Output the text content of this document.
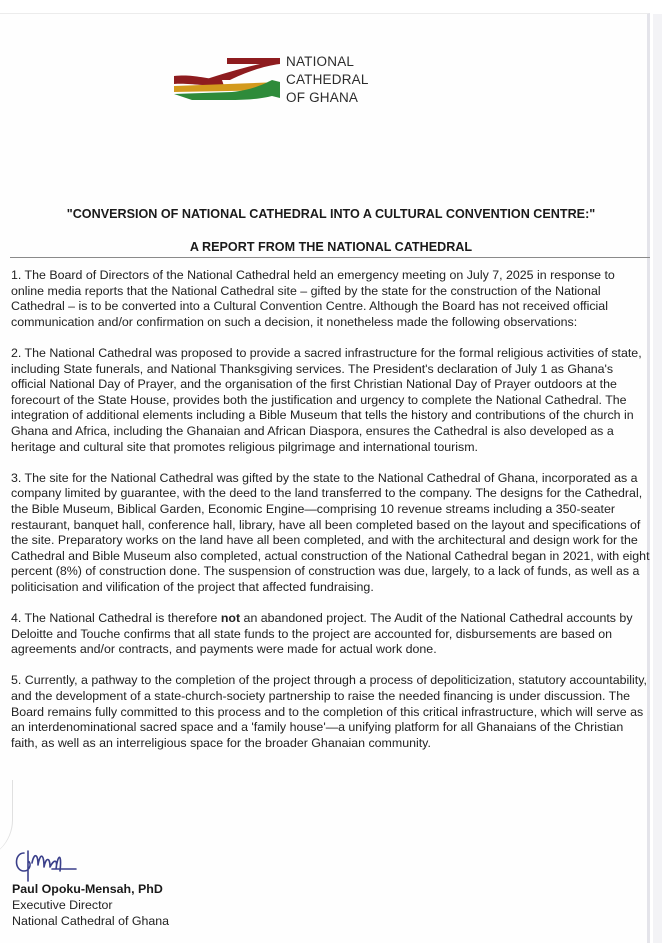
NATIONAL
CATHEDRAL
OF GHANA
"CONVERSION OF NATIONAL CATHEDRAL INTO A CULTURAL CONVENTION CENTRE:"
A REPORT FROM THE NATIONAL CATHEDRAL

1. The Board of Directors of the National Cathedral held an emergency meeting on July 7, 2025 in response to online media reports that the National Cathedral site – gifted by the state for the construction of the National Cathedral – is to be converted into a Cultural Convention Centre. Although the Board has not received official communication and/or confirmation on such a decision, it nonetheless made the following observations:

2. The National Cathedral was proposed to provide a sacred infrastructure for the formal religious activities of state, including State funerals, and National Thanksgiving services. The President's declaration of July 1 as Ghana's official National Day of Prayer, and the organisation of the first Christian National Day of Prayer outdoors at the forecourt of the State House, provides both the justification and urgency to complete the National Cathedral. The integration of additional elements including a Bible Museum that tells the history and contributions of the church in Ghana and Africa, including the Ghanaian and African Diaspora, ensures the Cathedral is also developed as a heritage and cultural site that promotes religious pilgrimage and international tourism.

3. The site for the National Cathedral was gifted by the state to the National Cathedral of Ghana, incorporated as a company limited by guarantee, with the deed to the land transferred to the company. The designs for the Cathedral, the Bible Museum, Biblical Garden, Economic Engine—comprising 10 revenue streams including a 350-seater restaurant, banquet hall, conference hall, library, have all been completed based on the layout and specifications of the site. Preparatory works on the land have all been completed, and with the architectural and design work for the Cathedral and Bible Museum also completed, actual construction of the National Cathedral began in 2021, with eight percent (8%) of construction done. The suspension of construction was due, largely, to a lack of funds, as well as a politicisation and vilification of the project that affected fundraising.

4. The National Cathedral is therefore not an abandoned project. The Audit of the National Cathedral accounts by Deloitte and Touche confirms that all state funds to the project are accounted for, disbursements are based on agreements and/or contracts, and payments were made for actual work done.

5. Currently, a pathway to the completion of the project through a process of depoliticization, statutory accountability, and the development of a state-church-society partnership to raise the needed financing is under discussion. The Board remains fully committed to this process and to the completion of this critical infrastructure, which will serve as an interdenominational sacred space and a 'family house'—a unifying platform for all Ghanaians of the Christian faith, as well as an interreligious space for the broader Ghanaian community.

Paul Opoku-Mensah, PhD
Executive Director
National Cathedral of Ghana
